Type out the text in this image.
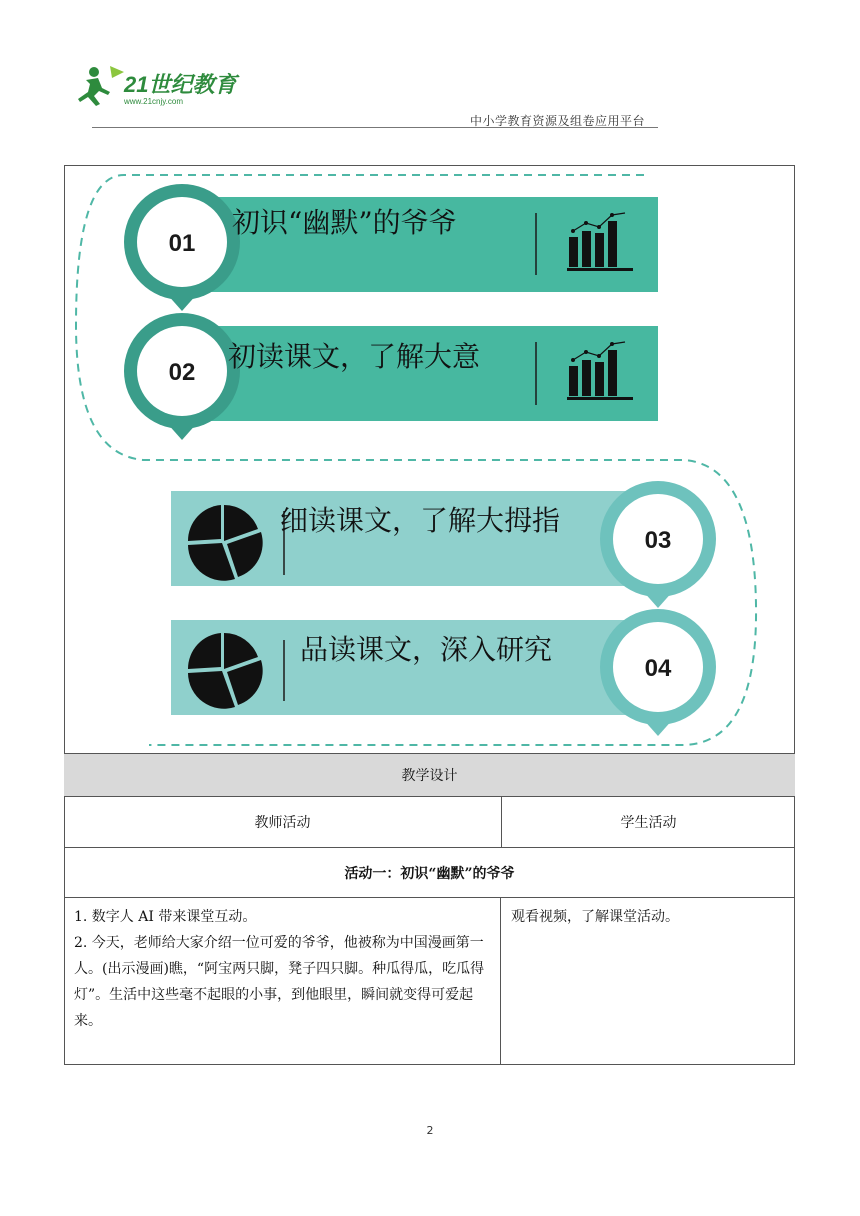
21世纪教育
www.21cnjy.com
中小学教育资源及组卷应用平台
01
02
03
04
初识“幽默”的爷爷
初读课文，了解大意
细读课文，了解大拇指
品读课文，深入研究
教学设计
教师活动	学生活动
活动一：初识“幽默”的爷爷
1. 数字人 AI 带来课堂互动。
2. 今天，老师给大家介绍一位可爱的爷爷，他被称为中国漫画第一人。(出示漫画)瞧，“阿宝两只脚，凳子四只脚。种瓜得瓜，吃瓜得灯”。生活中这些毫不起眼的小事，到他眼里，瞬间就变得可爱起来。
观看视频，了解课堂活动。
2
